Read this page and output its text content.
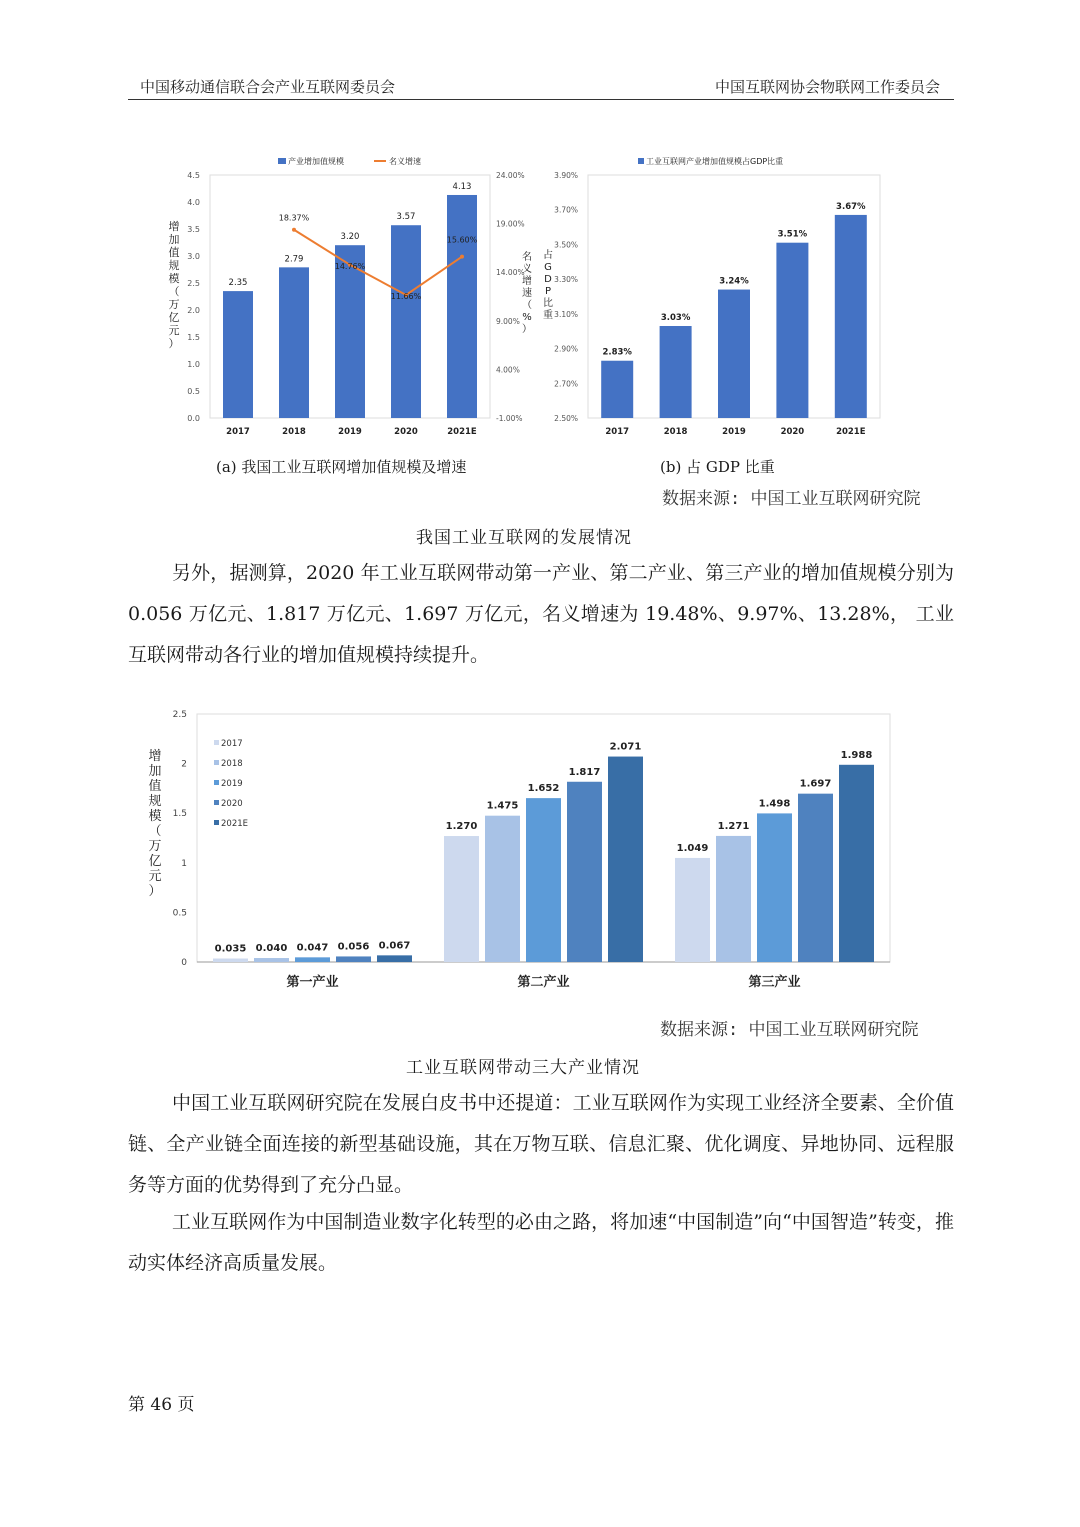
中国移动通信联合会产业互联网委员会	中国互联网协会物联网工作委员会
0.0
0.5
1.0
1.5
2.0
2.5
3.0
3.5
4.0
4.5
-1.00%
4.00%
9.00%
14.00%
19.00%
24.00%
2.35
2017
2.79
2018
3.20
2019
3.57
2020
4.13
2021E
18.37%
14.76%
11.66%
15.60%
产业增加值规模	名义增速
增
加
值
规
模
（
万
亿
元
）
名
义
增
速
（
%
）
2.50%
2.70%
2.90%
3.10%
3.30%
3.50%
3.70%
3.90%
2.83%
2017
3.03%
2018
3.24%
2019
3.51%
2020
3.67%
2021E
工业互联网产业增加值规模占GDP比重
占
G
D
P
比
重
(a) 我国工业互联网增加值规模及增速	(b) 占 GDP 比重
数据来源: 中国工业互联网研究院
我国工业互联网的发展情况

另外，据测算，2020 年工业互联网带动第一产业、第二产业、第三产业的增加值规模分别为 0.056 万亿元、1.817 万亿元、1.697 万亿元，名义增速为 19.48%、9.97%、13.28%， 工业互联网带动各行业的增加值规模持续提升。

0
0.5
1
1.5
2
2.5
0.035 0.040 0.047 0.056 0.067
第一产业
1.270
1.475
1.652
1.817
2.071
第二产业
1.049
1.271
1.498
1.697
1.988
第三产业
2017
2018
2019
2020
2021E
增
加
值
规
模
（
万
亿
元
）
数据来源: 中国工业互联网研究院
工业互联网带动三大产业情况

中国工业互联网研究院在发展白皮书中还提道：工业互联网作为实现工业经济全要素、全价值链、全产业链全面连接的新型基础设施，其在万物互联、信息汇聚、优化调度、异地协同、远程服务等方面的优势得到了充分凸显。

工业互联网作为中国制造业数字化转型的必由之路，将加速“中国制造”向“中国智造”转变，推动实体经济高质量发展。

第 46 页
